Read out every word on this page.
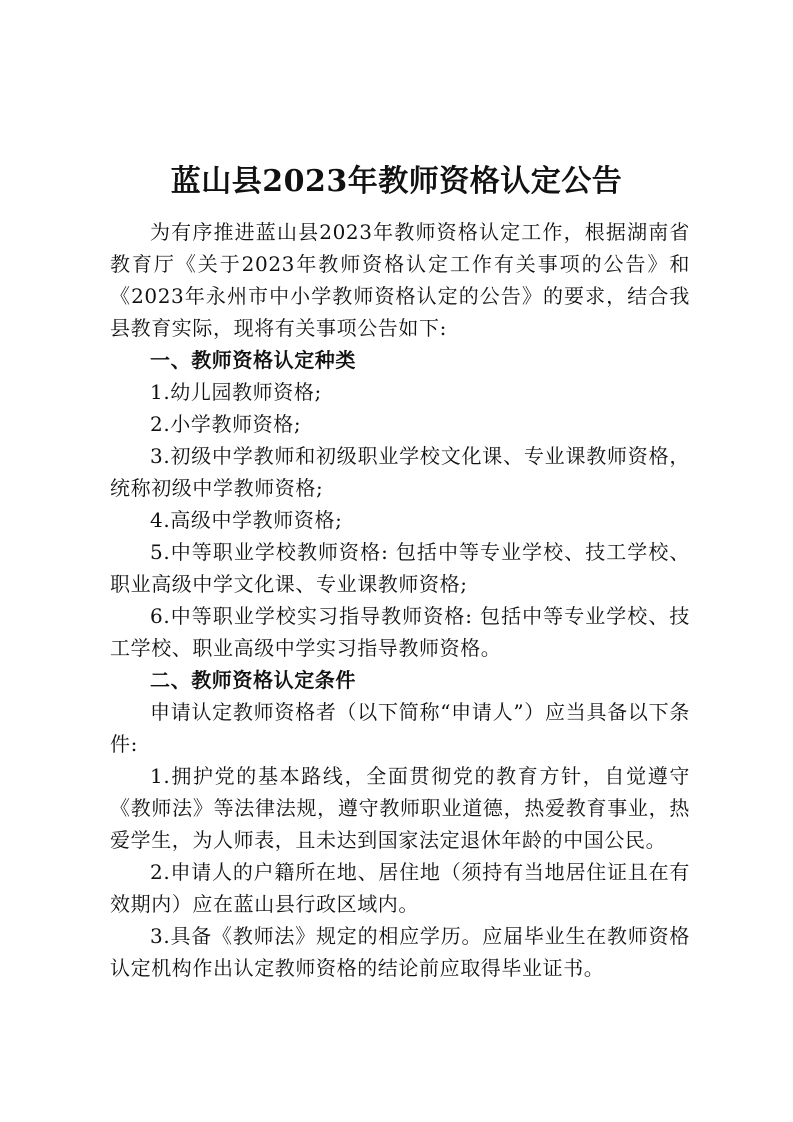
蓝山县2023年教师资格认定公告

为有序推进蓝山县2023年教师资格认定工作，根据湖南省教育厅《关于2023年教师资格认定工作有关事项的公告》和《2023年永州市中小学教师资格认定的公告》的要求，结合我县教育实际，现将有关事项公告如下:

一、教师资格认定种类

1.幼儿园教师资格;

2.小学教师资格;

3.初级中学教师和初级职业学校文化课、专业课教师资格，统称初级中学教师资格;

4.高级中学教师资格;

5.中等职业学校教师资格: 包括中等专业学校、技工学校、职业高级中学文化课、专业课教师资格;

6.中等职业学校实习指导教师资格: 包括中等专业学校、技工学校、职业高级中学实习指导教师资格。

二、教师资格认定条件

申请认定教师资格者（以下简称“申请人”）应当具备以下条件:

1.拥护党的基本路线，全面贯彻党的教育方针，自觉遵守《教师法》等法律法规，遵守教师职业道德，热爱教育事业，热爱学生，为人师表，且未达到国家法定退休年龄的中国公民。

2.申请人的户籍所在地、居住地（须持有当地居住证且在有效期内）应在蓝山县行政区域内。

3.具备《教师法》规定的相应学历。应届毕业生在教师资格认定机构作出认定教师资格的结论前应取得毕业证书。
